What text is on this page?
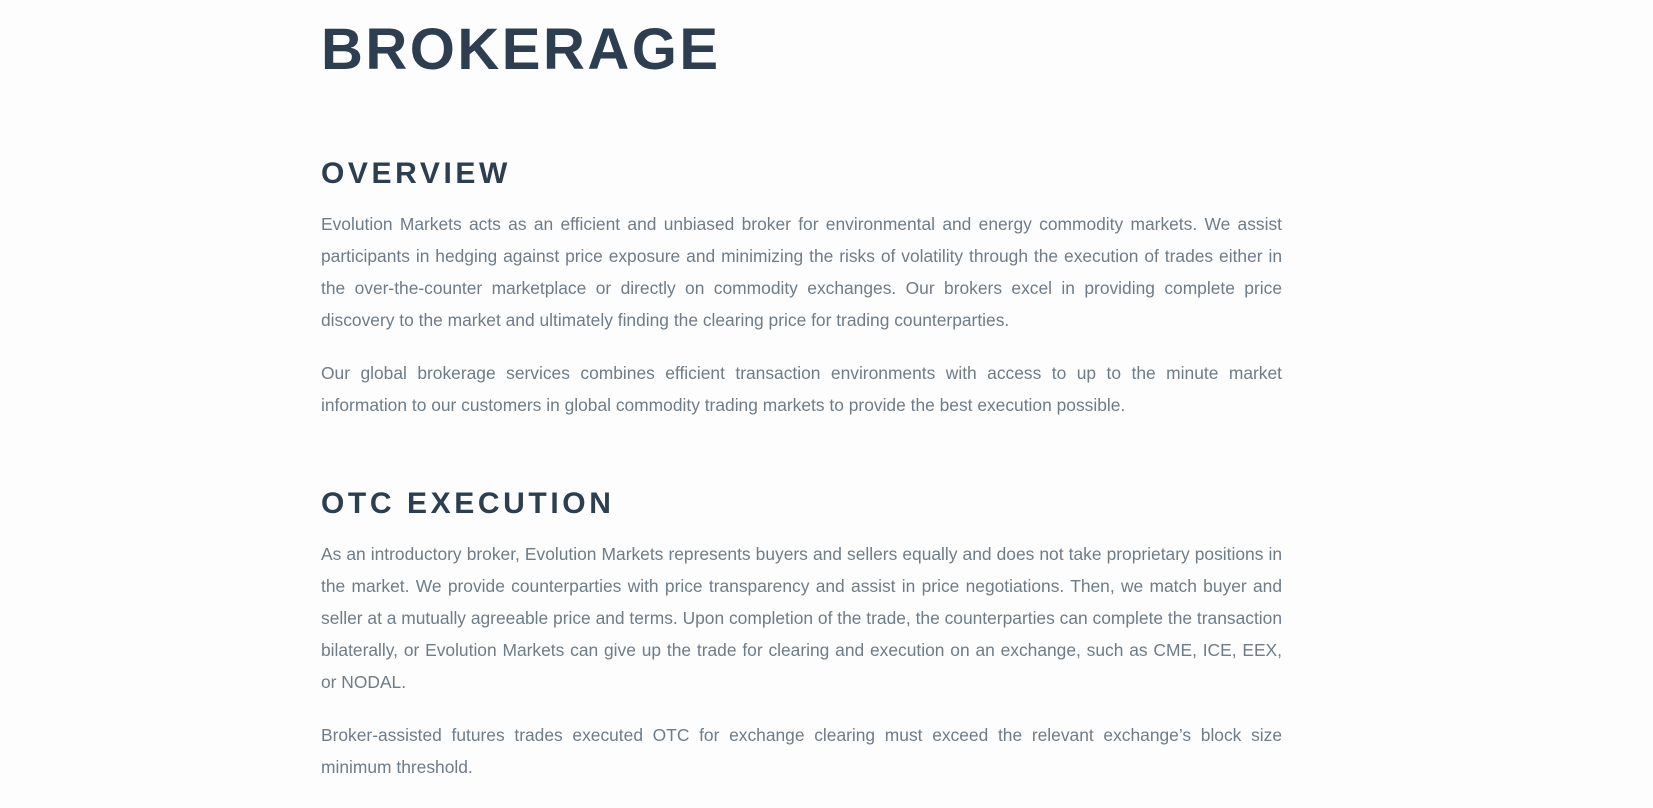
BROKERAGE
OVERVIEW

Evolution Markets acts as an efficient and unbiased broker for environmental and energy commodity markets. We assist participants in hedging against price exposure and minimizing the risks of volatility through the execution of trades either in the over-the-counter marketplace or directly on commodity exchanges. Our brokers excel in providing complete price discovery to the market and ultimately finding the clearing price for trading counterparties.

Our global brokerage services combines efficient transaction environments with access to up to the minute market information to our customers in global commodity trading markets to provide the best execution possible.

OTC EXECUTION

As an introductory broker, Evolution Markets represents buyers and sellers equally and does not take proprietary positions in the market. We provide counterparties with price transparency and assist in price negotiations. Then, we match buyer and seller at a mutually agreeable price and terms. Upon completion of the trade, the counterparties can complete the transaction bilaterally, or Evolution Markets can give up the trade for clearing and execution on an exchange, such as CME, ICE, EEX, or NODAL.

Broker-assisted futures trades executed OTC for exchange clearing must exceed the relevant exchange’s block size minimum threshold.
